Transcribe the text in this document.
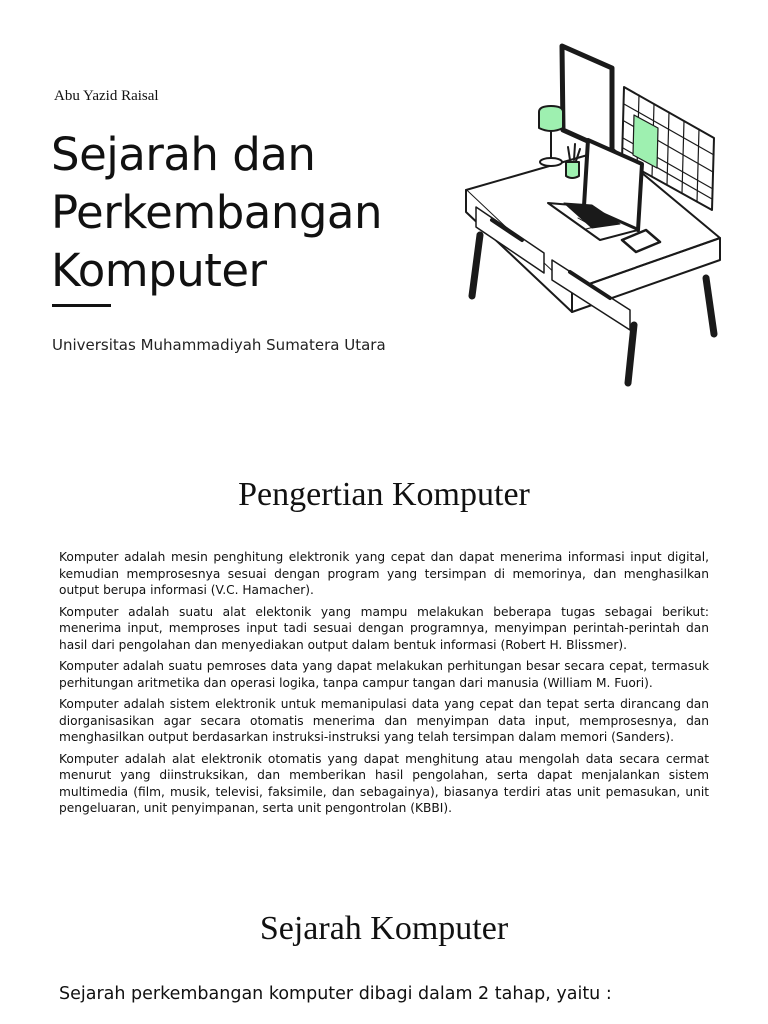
Abu Yazid Raisal
Sejarah dan
Perkembangan
Komputer
Universitas Muhammadiyah Sumatera Utara
Pengertian Komputer

Komputer adalah mesin penghitung elektronik yang cepat dan dapat menerima informasi input digital, kemudian memprosesnya sesuai dengan program yang tersimpan di memorinya, dan menghasilkan output berupa informasi (V.C. Hamacher).

Komputer adalah suatu alat elektonik yang mampu melakukan beberapa tugas sebagai berikut: menerima input, memproses input tadi sesuai dengan programnya, menyimpan perintah-perintah dan hasil dari pengolahan dan menyediakan output dalam bentuk informasi (Robert H. Blissmer).

Komputer adalah suatu pemroses data yang dapat melakukan perhitungan besar secara cepat, termasuk perhitungan aritmetika dan operasi logika, tanpa campur tangan dari manusia (William M. Fuori).

Komputer adalah sistem elektronik untuk memanipulasi data yang cepat dan tepat serta dirancang dan diorganisasikan agar secara otomatis menerima dan menyimpan data input, memprosesnya, dan menghasilkan output berdasarkan instruksi-instruksi yang telah tersimpan dalam memori (Sanders).

Komputer adalah alat elektronik otomatis yang dapat menghitung atau mengolah data secara cermat menurut yang diinstruksikan, dan memberikan hasil pengolahan, serta dapat menjalankan sistem multimedia (film, musik, televisi, faksimile, dan sebagainya), biasanya terdiri atas unit pemasukan, unit pengeluaran, unit penyimpanan, serta unit pengontrolan (KBBI).

Sejarah Komputer
Sejarah perkembangan komputer dibagi dalam 2 tahap, yaitu :
